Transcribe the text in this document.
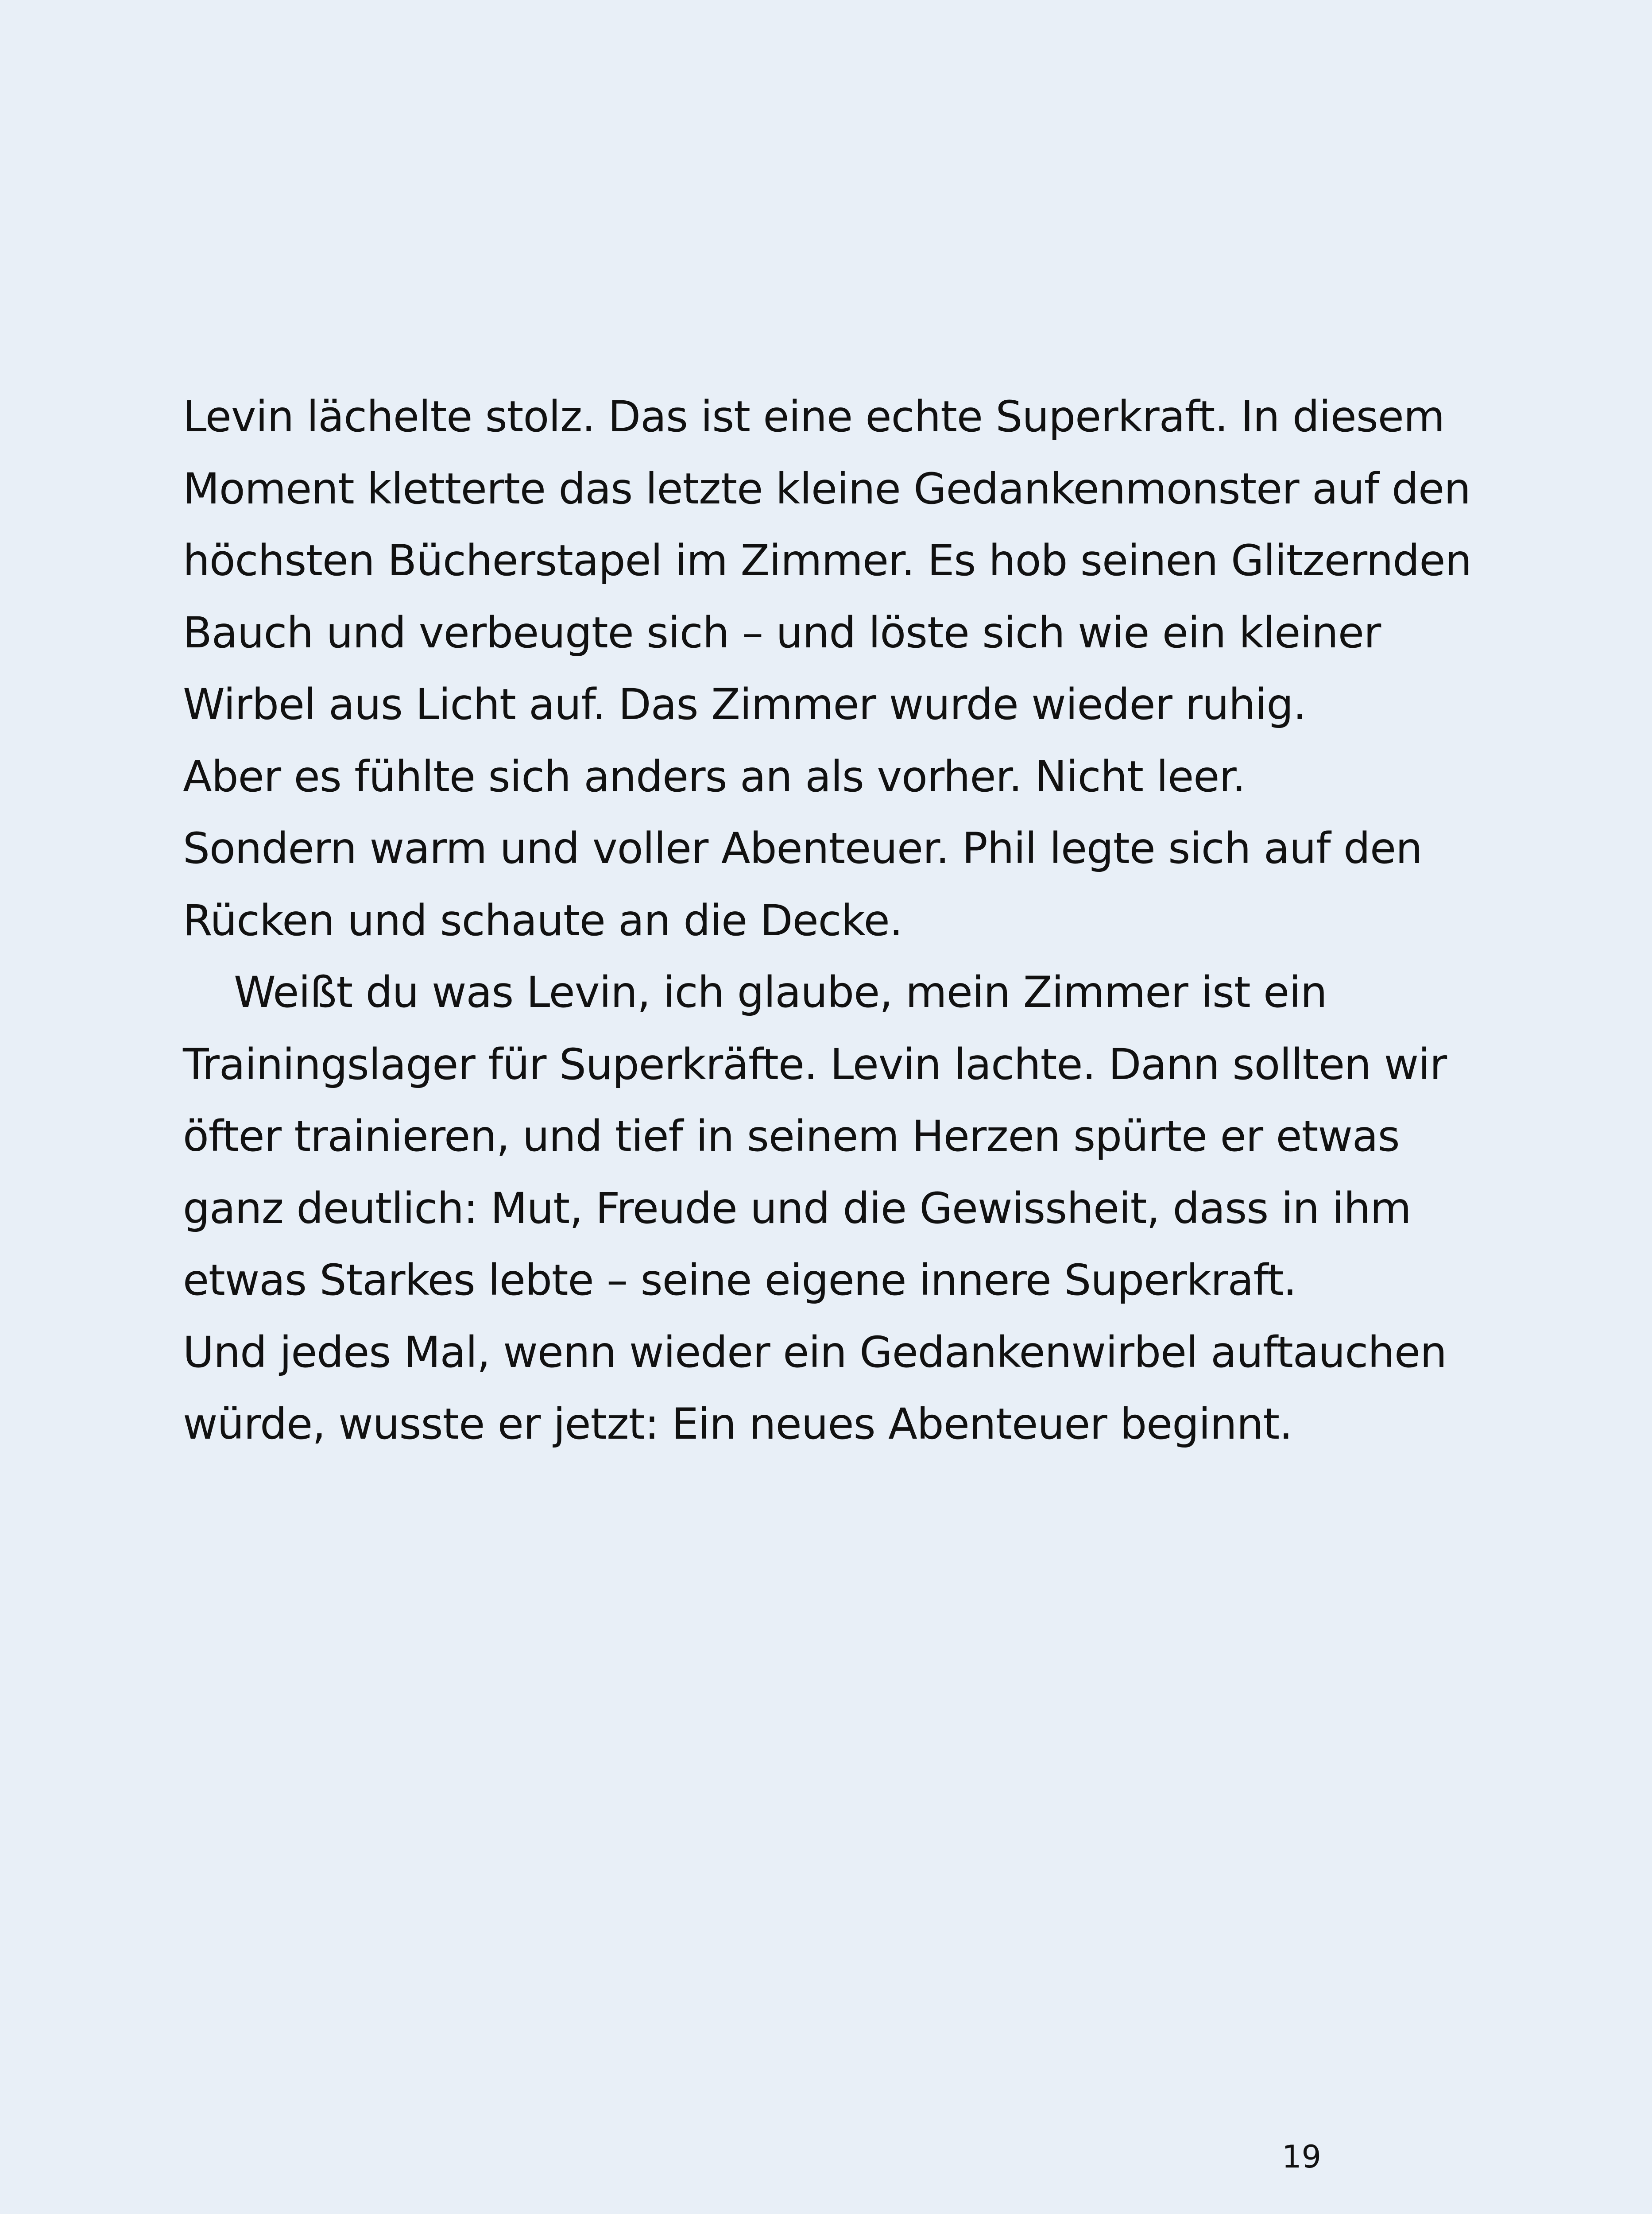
Levin lächelte stolz. Das ist eine echte Superkraft. In diesem
Moment kletterte das letzte kleine Gedankenmonster auf den
höchsten Bücherstapel im Zimmer. Es hob seinen Glitzernden
Bauch und verbeugte sich – und löste sich wie ein kleiner
Wirbel aus Licht auf. Das Zimmer wurde wieder ruhig.
Aber es fühlte sich anders an als vorher. Nicht leer.
Sondern warm und voller Abenteuer. Phil legte sich auf den
Rücken und schaute an die Decke.
Weißt du was Levin, ich glaube, mein Zimmer ist ein
Trainingslager für Superkräfte. Levin lachte. Dann sollten wir
öfter trainieren, und tief in seinem Herzen spürte er etwas
ganz deutlich: Mut, Freude und die Gewissheit, dass in ihm
etwas Starkes lebte – seine eigene innere Superkraft.
Und jedes Mal, wenn wieder ein Gedankenwirbel auftauchen
würde, wusste er jetzt: Ein neues Abenteuer beginnt.
19
